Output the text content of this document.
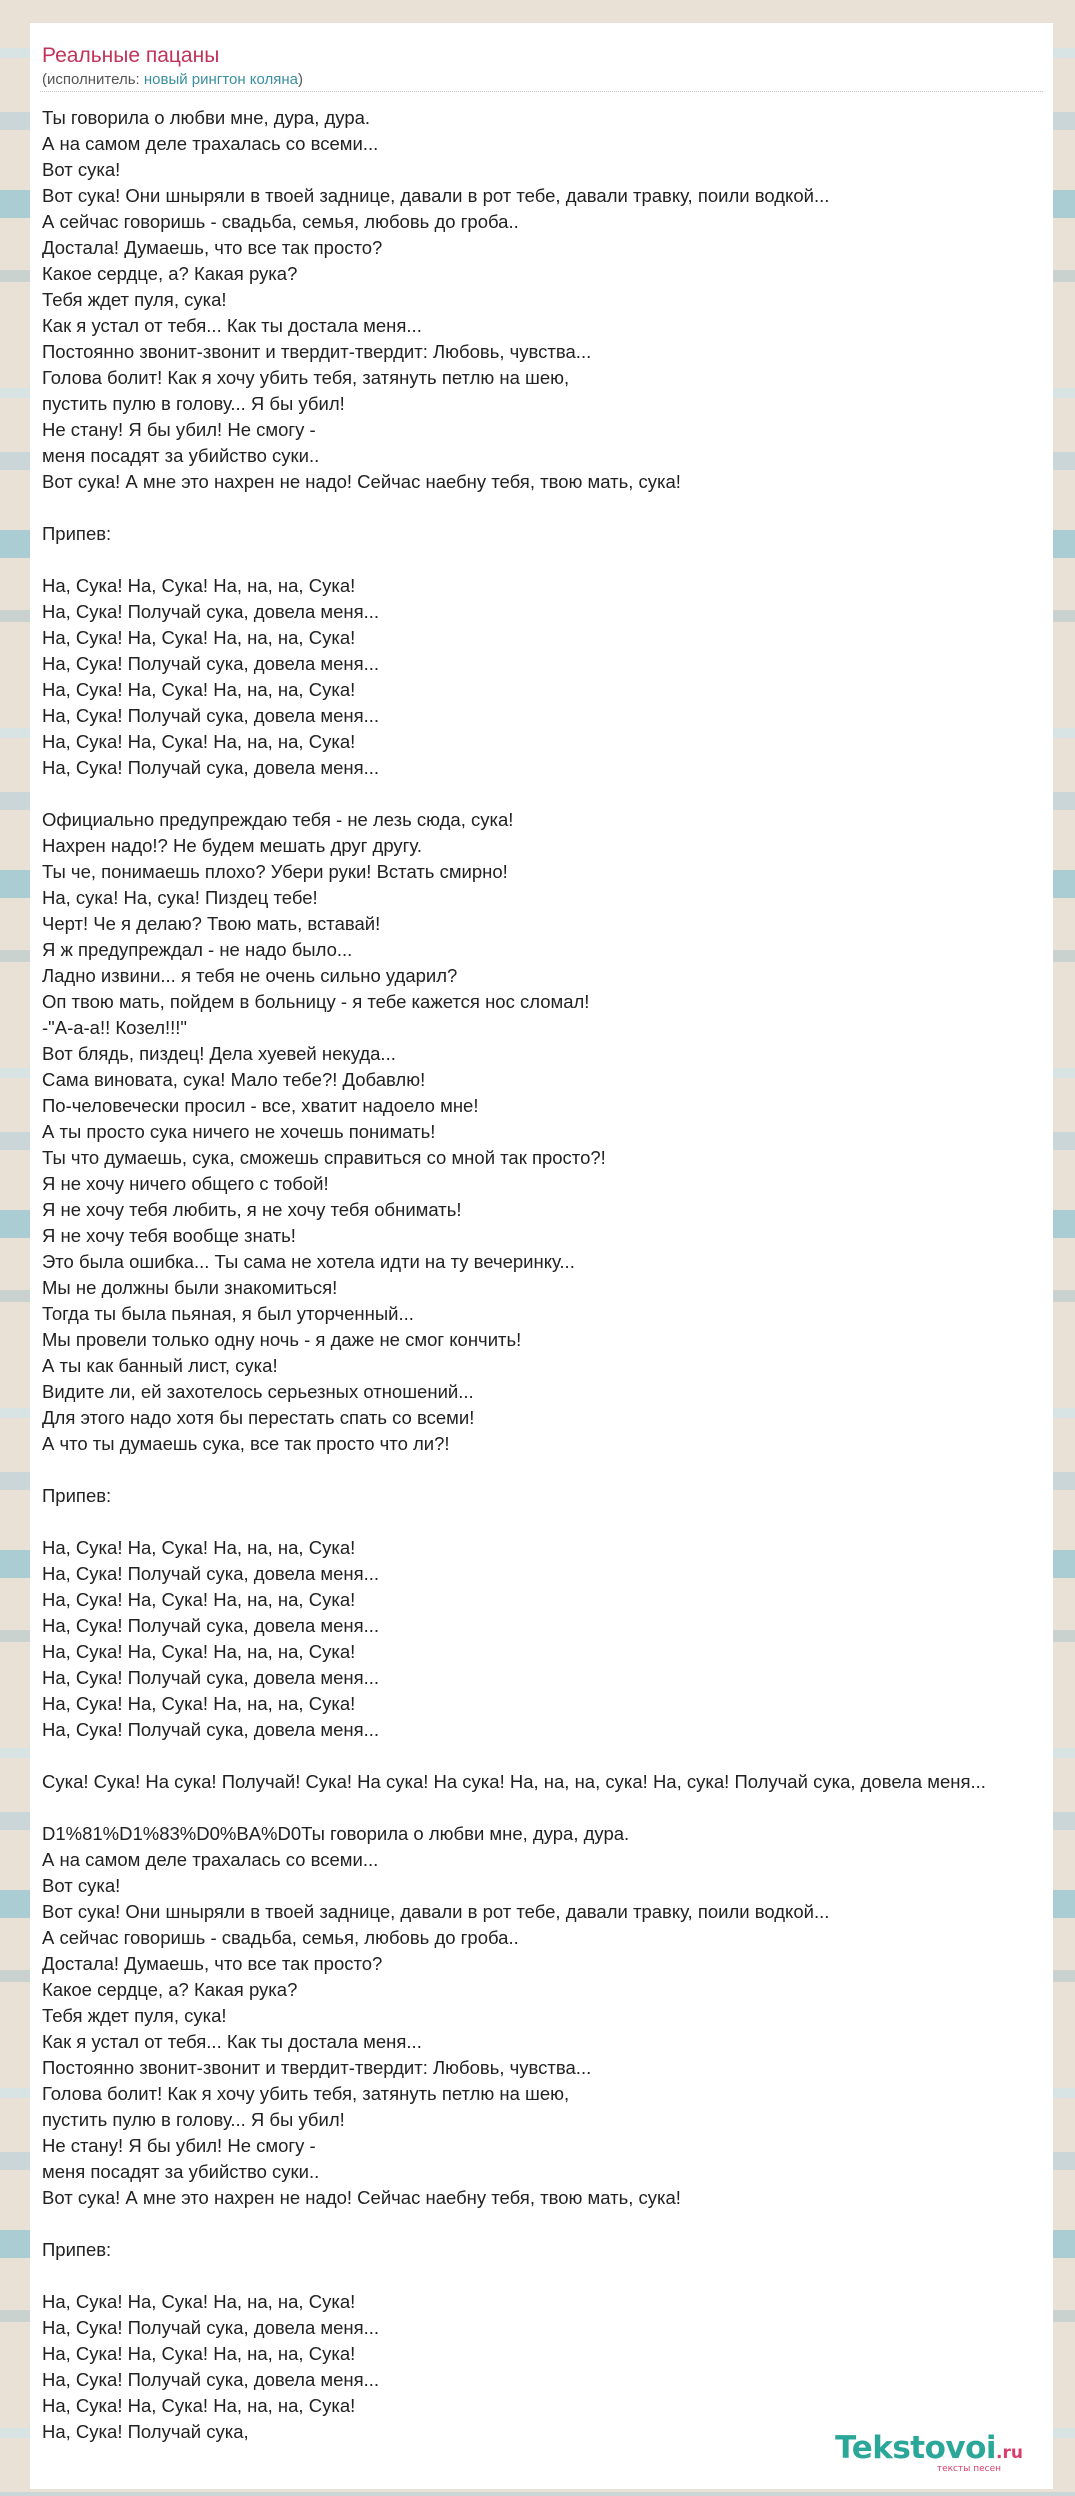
Реальные пацаны
(исполнитель: новый рингтон коляна)
Ты говорила о любви мне, дура, дура.
А на самом деле трахалась со всеми...
Вот сука!
Вот сука! Они шныряли в твоей заднице, давали в рот тебе, давали травку, поили водкой...
А сейчас говоришь - свадьба, семья, любовь до гроба..
Достала! Думаешь, что все так просто?
Какое сердце, а? Какая рука?
Тебя ждет пуля, сука!
Как я устал от тебя... Как ты достала меня...
Постоянно звонит-звонит и твердит-твердит: Любовь, чувства...
Голова болит! Как я хочу убить тебя, затянуть петлю на шею,
пустить пулю в голову... Я бы убил!
Не стану! Я бы убил! Не смогу -
меня посадят за убийство суки..
Вот сука! А мне это нахрен не надо! Сейчас наебну тебя, твою мать, сука!
Припев:
На, Сука! На, Сука! На, на, на, Сука!
На, Сука! Получай сука, довела меня...
На, Сука! На, Сука! На, на, на, Сука!
На, Сука! Получай сука, довела меня...
На, Сука! На, Сука! На, на, на, Сука!
На, Сука! Получай сука, довела меня...
На, Сука! На, Сука! На, на, на, Сука!
На, Сука! Получай сука, довела меня...
Официально предупреждаю тебя - не лезь сюда, сука!
Нахрен надо!? Не будем мешать друг другу.
Ты че, понимаешь плохо? Убери руки! Встать смирно!
На, сука! На, сука! Пиздец тебе!
Черт! Че я делаю? Твою мать, вставай!
Я ж предупреждал - не надо было...
Ладно извини... я тебя не очень сильно ударил?
Оп твою мать, пойдем в больницу - я тебе кажется нос сломал!
-"А-а-а!! Козел!!!"
Вот блядь, пиздец! Дела хуевей некуда...
Сама виновата, сука! Мало тебе?! Добавлю!
По-человечески просил - все, хватит надоело мне!
А ты просто сука ничего не хочешь понимать!
Ты что думаешь, сука, сможешь справиться со мной так просто?!
Я не хочу ничего общего с тобой!
Я не хочу тебя любить, я не хочу тебя обнимать!
Я не хочу тебя вообще знать!
Это была ошибка... Ты сама не хотела идти на ту вечеринку...
Мы не должны были знакомиться!
Тогда ты была пьяная, я был уторченный...
Мы провели только одну ночь - я даже не смог кончить!
А ты как банный лист, сука!
Видите ли, ей захотелось серьезных отношений...
Для этого надо хотя бы перестать спать со всеми!
А что ты думаешь сука, все так просто что ли?!
Припев:
На, Сука! На, Сука! На, на, на, Сука!
На, Сука! Получай сука, довела меня...
На, Сука! На, Сука! На, на, на, Сука!
На, Сука! Получай сука, довела меня...
На, Сука! На, Сука! На, на, на, Сука!
На, Сука! Получай сука, довела меня...
На, Сука! На, Сука! На, на, на, Сука!
На, Сука! Получай сука, довела меня...
Сука! Сука! На сука! Получай! Сука! На сука! На сука! На, на, на, сука! На, сука! Получай сука, довела меня...
D1%81%D1%83%D0%BA%D0Ты говорила о любви мне, дура, дура.
А на самом деле трахалась со всеми...
Вот сука!
Вот сука! Они шныряли в твоей заднице, давали в рот тебе, давали травку, поили водкой...
А сейчас говоришь - свадьба, семья, любовь до гроба..
Достала! Думаешь, что все так просто?
Какое сердце, а? Какая рука?
Тебя ждет пуля, сука!
Как я устал от тебя... Как ты достала меня...
Постоянно звонит-звонит и твердит-твердит: Любовь, чувства...
Голова болит! Как я хочу убить тебя, затянуть петлю на шею,
пустить пулю в голову... Я бы убил!
Не стану! Я бы убил! Не смогу -
меня посадят за убийство суки..
Вот сука! А мне это нахрен не надо! Сейчас наебну тебя, твою мать, сука!
Припев:
На, Сука! На, Сука! На, на, на, Сука!
На, Сука! Получай сука, довела меня...
На, Сука! На, Сука! На, на, на, Сука!
На, Сука! Получай сука, довела меня...
На, Сука! На, Сука! На, на, на, Сука!
На, Сука! Получай сука,	Tekstovoi.ru
тексты песен
